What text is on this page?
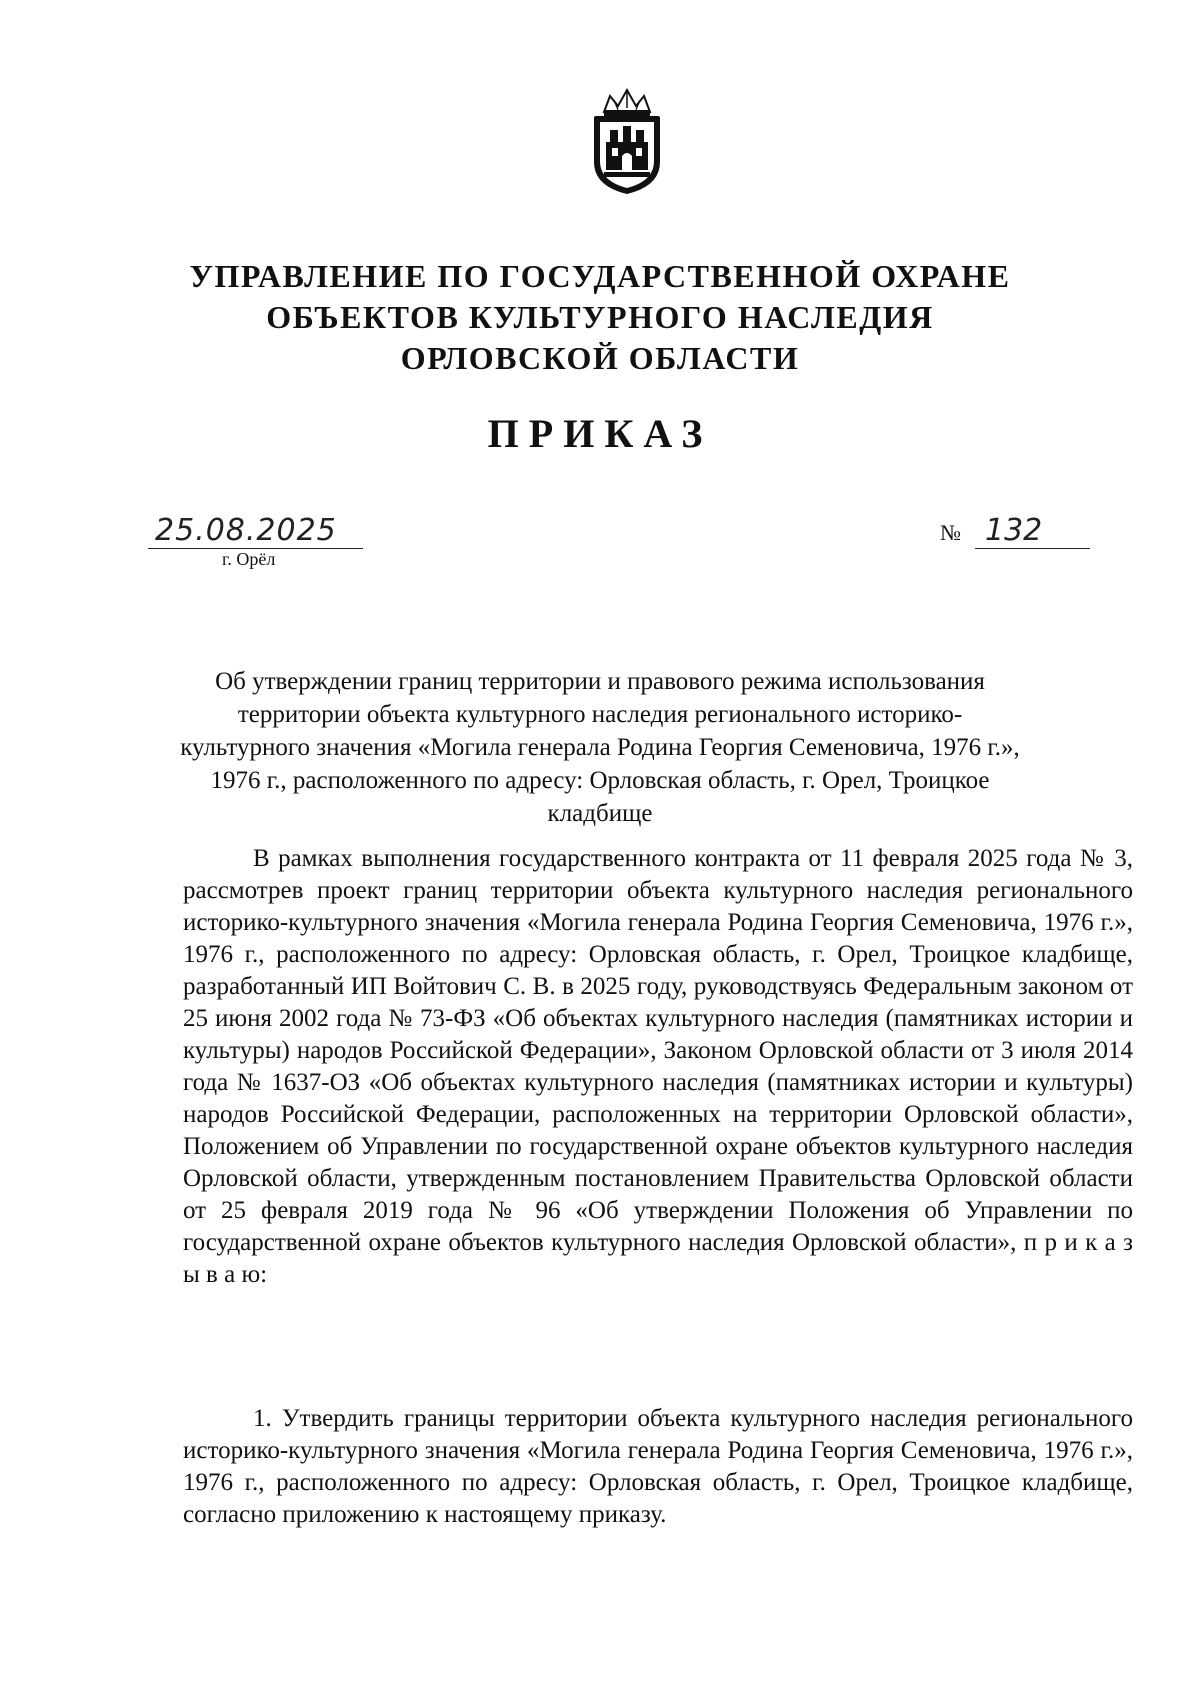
УПРАВЛЕНИЕ ПО ГОСУДАРСТВЕННОЙ ОХРАНЕ
ОБЪЕКТОВ КУЛЬТУРНОГО НАСЛЕДИЯ
ОРЛОВСКОЙ ОБЛАСТИ
ПРИКАЗ
25.08.2025
г. Орёл
№ 132
Об утверждении границ территории и правового режима использования территории объекта культурного наследия регионального историко-культурного значения «Могила генерала Родина Георгия Семеновича, 1976 г.», 1976 г., расположенного по адресу: Орловская область, г. Орел, Троицкое кладбище

В рамках выполнения государственного контракта от 11 февраля 2025 года № 3, рассмотрев проект границ территории объекта культурного наследия регионального историко-культурного значения «Могила генерала Родина Георгия Семеновича, 1976 г.», 1976 г., расположенного по адресу: Орловская область, г. Орел, Троицкое кладбище, разработанный ИП Войтович С. В. в 2025 году, руководствуясь Федеральным законом от 25 июня 2002 года № 73-ФЗ «Об объектах культурного наследия (памятниках истории и культуры) народов Российской Федерации», Законом Орловской области от 3 июля 2014 года № 1637-ОЗ «Об объектах культурного наследия (памятниках истории и культуры) народов Российской Федерации, расположенных на территории Орловской области», Положением об Управлении по государственной охране объектов культурного наследия Орловской области, утвержденным постановлением Правительства Орловской области от 25 февраля 2019 года № 96 «Об утверждении Положения об Управлении по государственной охране объектов культурного наследия Орловской области», п р и к а з ы в а ю:

1. Утвердить границы территории объекта культурного наследия регионального историко-культурного значения «Могила генерала Родина Георгия Семеновича, 1976 г.», 1976 г., расположенного по адресу: Орловская область, г. Орел, Троицкое кладбище, согласно приложению к настоящему приказу.
